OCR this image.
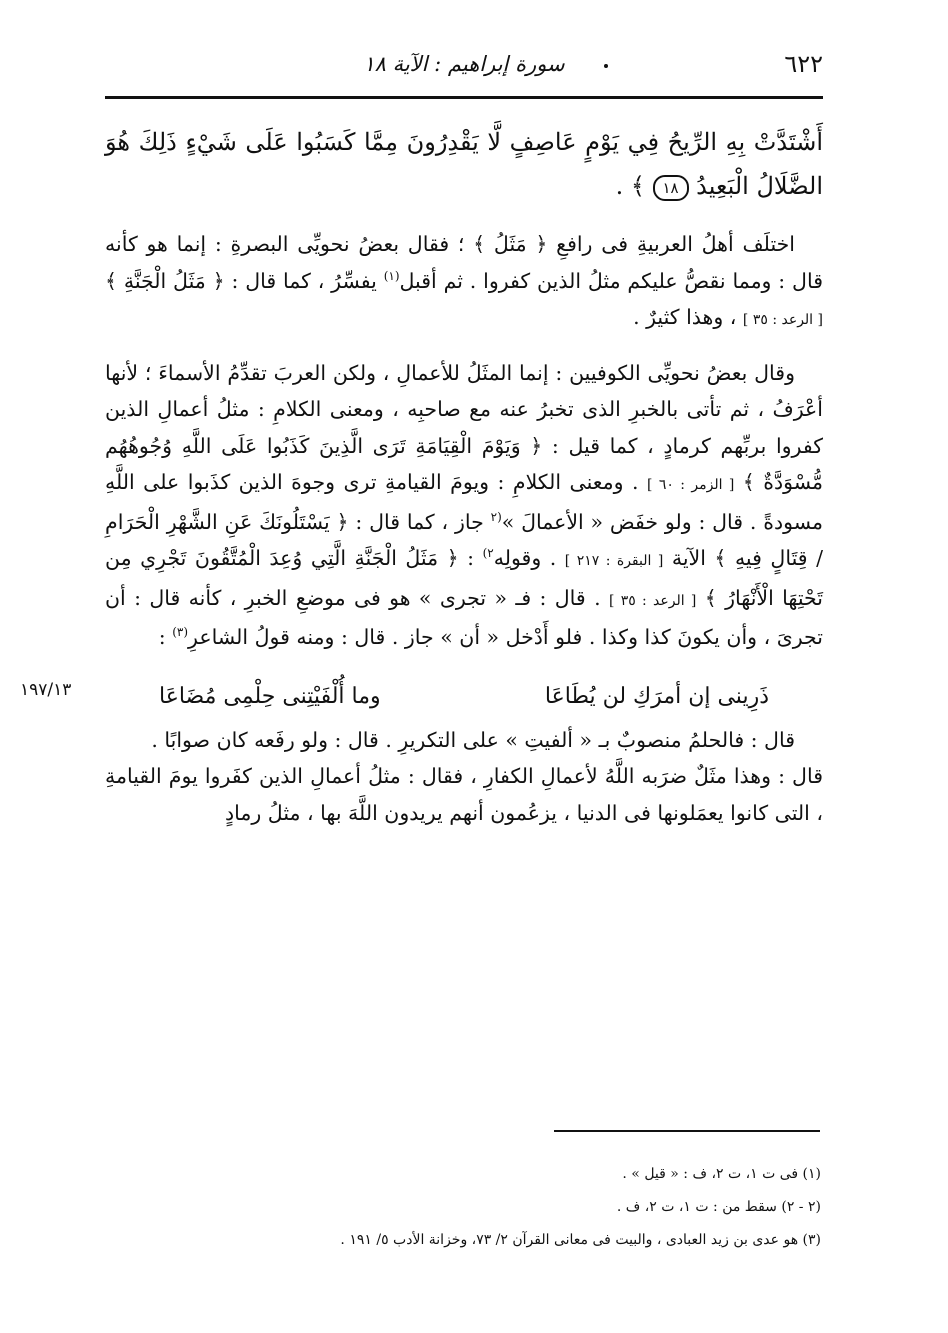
٦٢٢
سورة إبراهيم : الآية ١٨
١٩٧/١٣

أَشْتَدَّتْ بِهِ الرِّيحُ فِي يَوْمٍ عَاصِفٍ لَّا يَقْدِرُونَ مِمَّا كَسَبُوا عَلَى شَيْءٍ ذَلِكَ هُوَ الضَّلَالُ الْبَعِيدُ ١٨ ﴾ .

اختلَف أهلُ العربيةِ فى رافعِ ﴿ مَثَلُ ﴾ ؛ فقال بعضُ نحويِّى البصرةِ : إنما هو كأنه قال : ومما نقصُّ عليكم مثلُ الذين كفروا . ثم أقبل$^{(١)}$ يفسِّرُ ، كما قال : ﴿ مَثَلُ الْجَنَّةِ ﴾ [ الرعد : ٣٥ ] ، وهذا كثيرٌ .

وقال بعضُ نحويِّى الكوفيين : إنما المثَلُ للأعمالِ ، ولكن العربَ تقدِّمُ الأسماءَ ؛ لأنها أعْرَفُ ، ثم تأتى بالخبرِ الذى تخبرُ عنه مع صاحبِه ، ومعنى الكلامِ : مثلُ أعمالِ الذين كفروا بربِّهم كرمادٍ ، كما قيل : ﴿ وَيَوْمَ الْقِيَامَةِ تَرَى الَّذِينَ كَذَبُوا عَلَى اللَّهِ وُجُوهُهُم مُّسْوَدَّةٌ ﴾ [ الزمر : ٦٠ ] . ومعنى الكلامِ : ويومَ القيامةِ ترى وجوهَ الذين كذَبوا على اللَّهِ مسودةً . قال : ولو خفَض « الأعمالَ »$^{(٢}$ جاز ، كما قال : ﴿ يَسْتَلُونَكَ عَنِ الشَّهْرِ الْحَرَامِ / قِتَالٍ فِيهِ ﴾ الآية [ البقرة : ٢١٧ ] . وقولِه$^{٢)}$ : ﴿ مَثَلُ الْجَنَّةِ الَّتِي وُعِدَ الْمُتَّقُونَ تَجْرِي مِن تَحْتِهَا الْأَنْهَارُ ﴾ [ الرعد : ٣٥ ] . قال : فـ « تجرى » هو فى موضعِ الخبرِ ، كأنه قال : أن تجرىَ ، وأن يكونَ كذا وكذا . فلو أَدْخل « أن » جاز . قال : ومنه قولُ الشاعرِ$^{(٣)}$ :

ذَرِينى إن أمرَكِ لن يُطَاعَا
وما أُلْفَيْتِنى حِلْمِى مُضَاعَا

قال : فالحلمُ منصوبٌ بـ « ألفيتِ » على التكريرِ . قال : ولو رفَعه كان صوابًا .

قال : وهذا مثَلٌ ضرَبه اللَّهُ لأعمالِ الكفارِ ، فقال : مثلُ أعمالِ الذين كفَروا يومَ القيامةِ ، التى كانوا يعمَلونها فى الدنيا ، يزعُمون أنهم يريدون اللَّهَ بها ، مثلُ رمادٍ

(١) فى ت ١، ت ٢، ف : « قيل » .

(٢ - ٢) سقط من : ت ١، ت ٢، ف .

(٣) هو عدى بن زيد العبادى ، والبيت فى معانى القرآن ٢/ ٧٣، وخزانة الأدب ٥/ ١٩١ .
